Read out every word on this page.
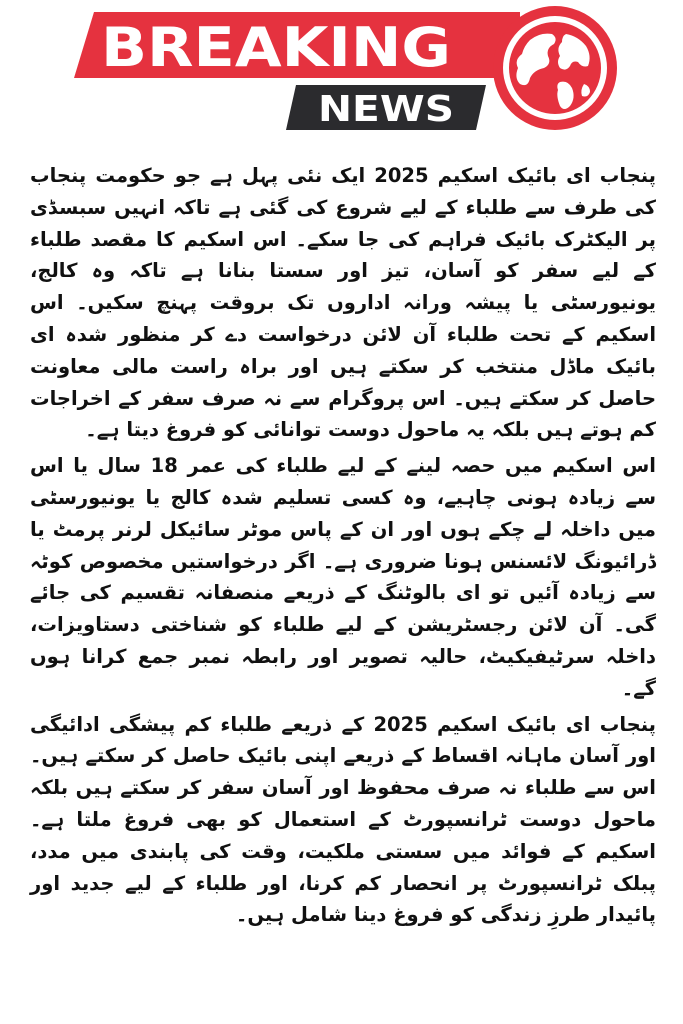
BREAKING
NEWS

پنجاب ای بائیک اسکیم 2025 ایک نئی پہل ہے جو حکومت پنجاب کی طرف سے طلباء کے لیے شروع کی گئی ہے تاکہ انہیں سبسڈی پر الیکٹرک بائیک فراہم کی جا سکے۔ اس اسکیم کا مقصد طلباء کے لیے سفر کو آسان، تیز اور سستا بنانا ہے تاکہ وہ کالج، یونیورسٹی یا پیشہ ورانہ اداروں تک بروقت پہنچ سکیں۔ اس اسکیم کے تحت طلباء آن لائن درخواست دے کر منظور شدہ ای بائیک ماڈل منتخب کر سکتے ہیں اور براہ راست مالی معاونت حاصل کر سکتے ہیں۔ اس پروگرام سے نہ صرف سفر کے اخراجات کم ہوتے ہیں بلکہ یہ ماحول دوست توانائی کو فروغ دیتا ہے۔

اس اسکیم میں حصہ لینے کے لیے طلباء کی عمر 18 سال یا اس سے زیادہ ہونی چاہیے، وہ کسی تسلیم شدہ کالج یا یونیورسٹی میں داخلہ لے چکے ہوں اور ان کے پاس موٹر سائیکل لرنر پرمٹ یا ڈرائیونگ لائسنس ہونا ضروری ہے۔ اگر درخواستیں مخصوص کوٹہ سے زیادہ آئیں تو ای بالوٹنگ کے ذریعے منصفانہ تقسیم کی جائے گی۔ آن لائن رجسٹریشن کے لیے طلباء کو شناختی دستاویزات، داخلہ سرٹیفیکیٹ، حالیہ تصویر اور رابطہ نمبر جمع کرانا ہوں گے۔

پنجاب ای بائیک اسکیم 2025 کے ذریعے طلباء کم پیشگی ادائیگی اور آسان ماہانہ اقساط کے ذریعے اپنی بائیک حاصل کر سکتے ہیں۔ اس سے طلباء نہ صرف محفوظ اور آسان سفر کر سکتے ہیں بلکہ ماحول دوست ٹرانسپورٹ کے استعمال کو بھی فروغ ملتا ہے۔ اسکیم کے فوائد میں سستی ملکیت، وقت کی پابندی میں مدد، پبلک ٹرانسپورٹ پر انحصار کم کرنا، اور طلباء کے لیے جدید اور پائیدار طرزِ زندگی کو فروغ دینا شامل ہیں۔
